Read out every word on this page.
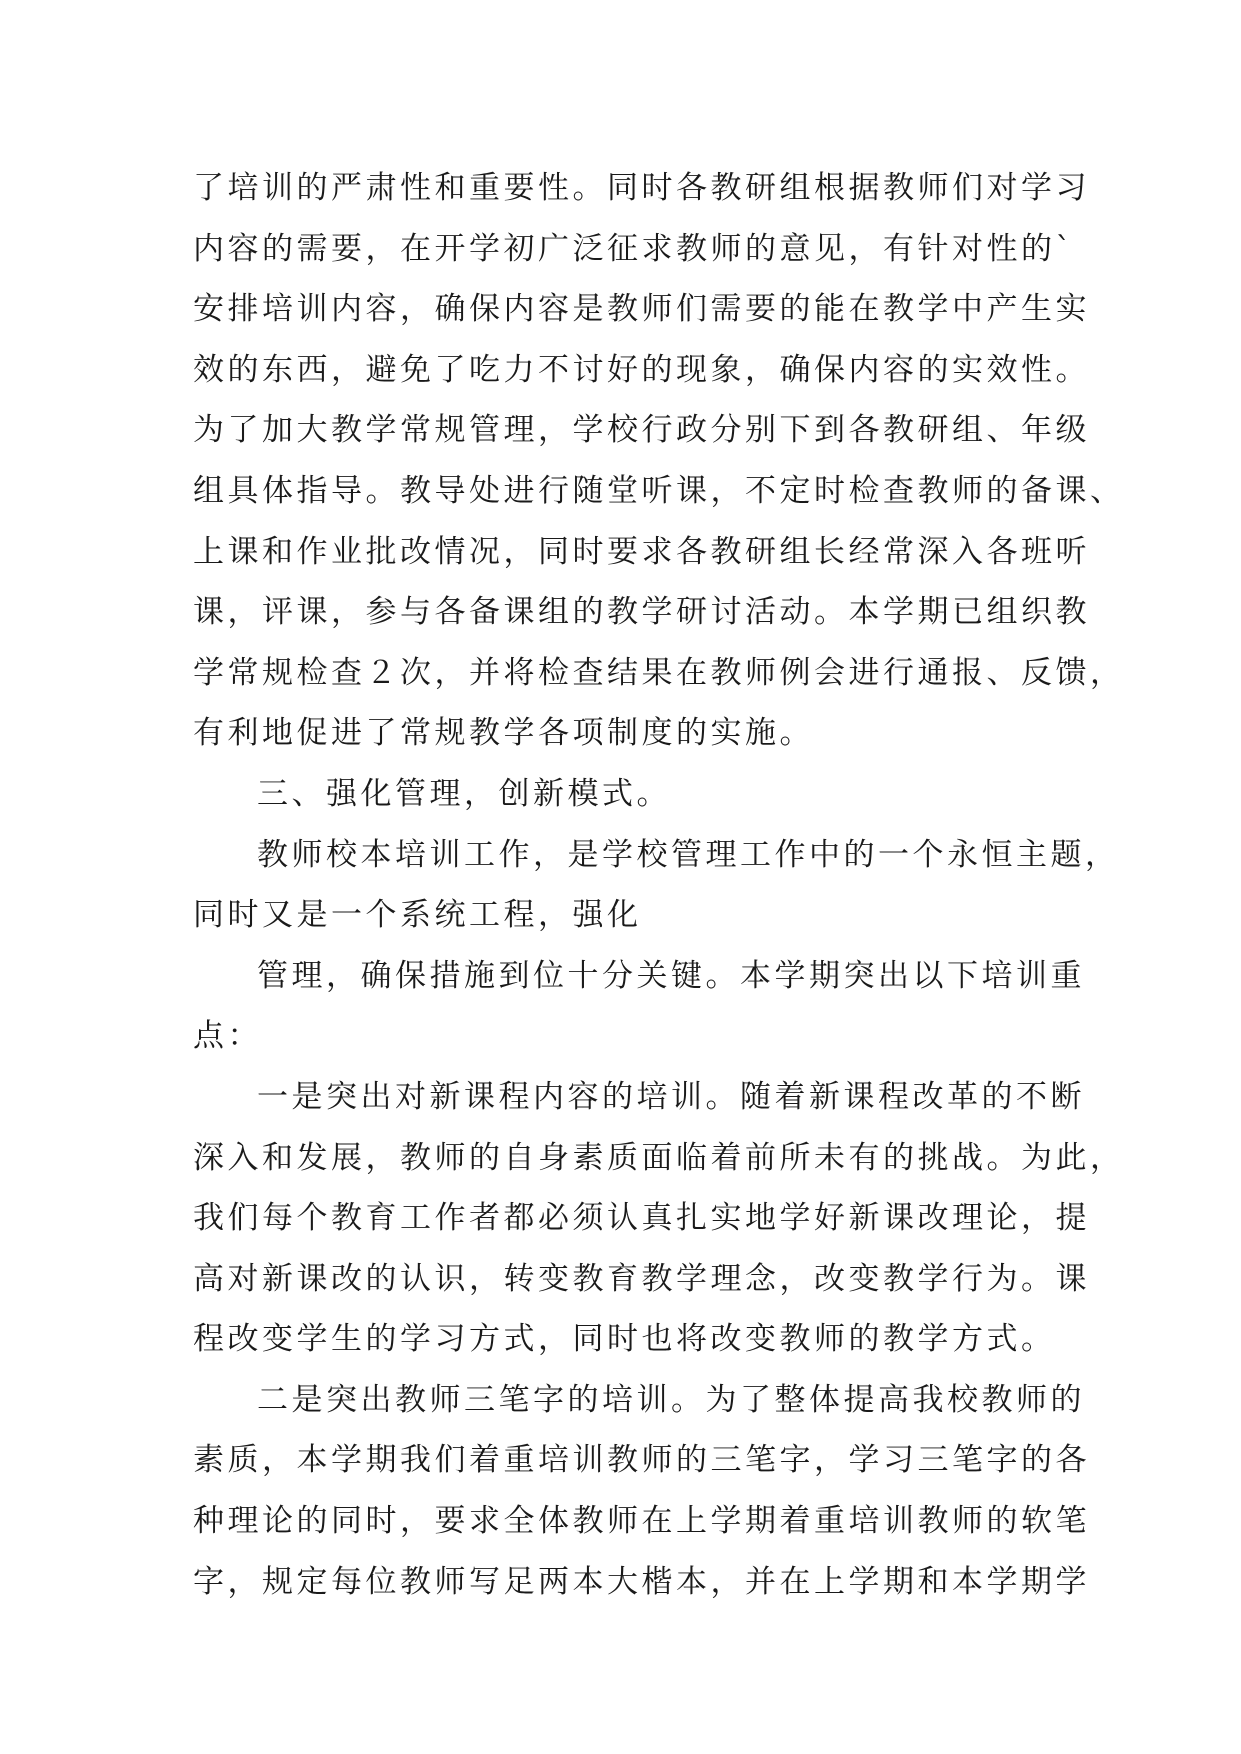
了培训的严肃性和重要性。同时各教研组根据教师们对学习
内容的需要，在开学初广泛征求教师的意见，有针对性的`
安排培训内容，确保内容是教师们需要的能在教学中产生实
效的东西，避免了吃力不讨好的现象，确保内容的实效性。
为了加大教学常规管理，学校行政分别下到各教研组、年级
组具体指导。教导处进行随堂听课，不定时检查教师的备课、
上课和作业批改情况，同时要求各教研组长经常深入各班听
课，评课，参与各备课组的教学研讨活动。本学期已组织教
学常规检查２次，并将检查结果在教师例会进行通报、反馈，
有利地促进了常规教学各项制度的实施。
三、强化管理，创新模式。
教师校本培训工作，是学校管理工作中的一个永恒主题，
同时又是一个系统工程，强化
管理，确保措施到位十分关键。本学期突出以下培训重
点：
一是突出对新课程内容的培训。随着新课程改革的不断
深入和发展，教师的自身素质面临着前所未有的挑战。为此，
我们每个教育工作者都必须认真扎实地学好新课改理论，提
高对新课改的认识，转变教育教学理念，改变教学行为。课
程改变学生的学习方式，同时也将改变教师的教学方式。
二是突出教师三笔字的培训。为了整体提高我校教师的
素质，本学期我们着重培训教师的三笔字，学习三笔字的各
种理论的同时，要求全体教师在上学期着重培训教师的软笔
字，规定每位教师写足两本大楷本，并在上学期和本学期学
